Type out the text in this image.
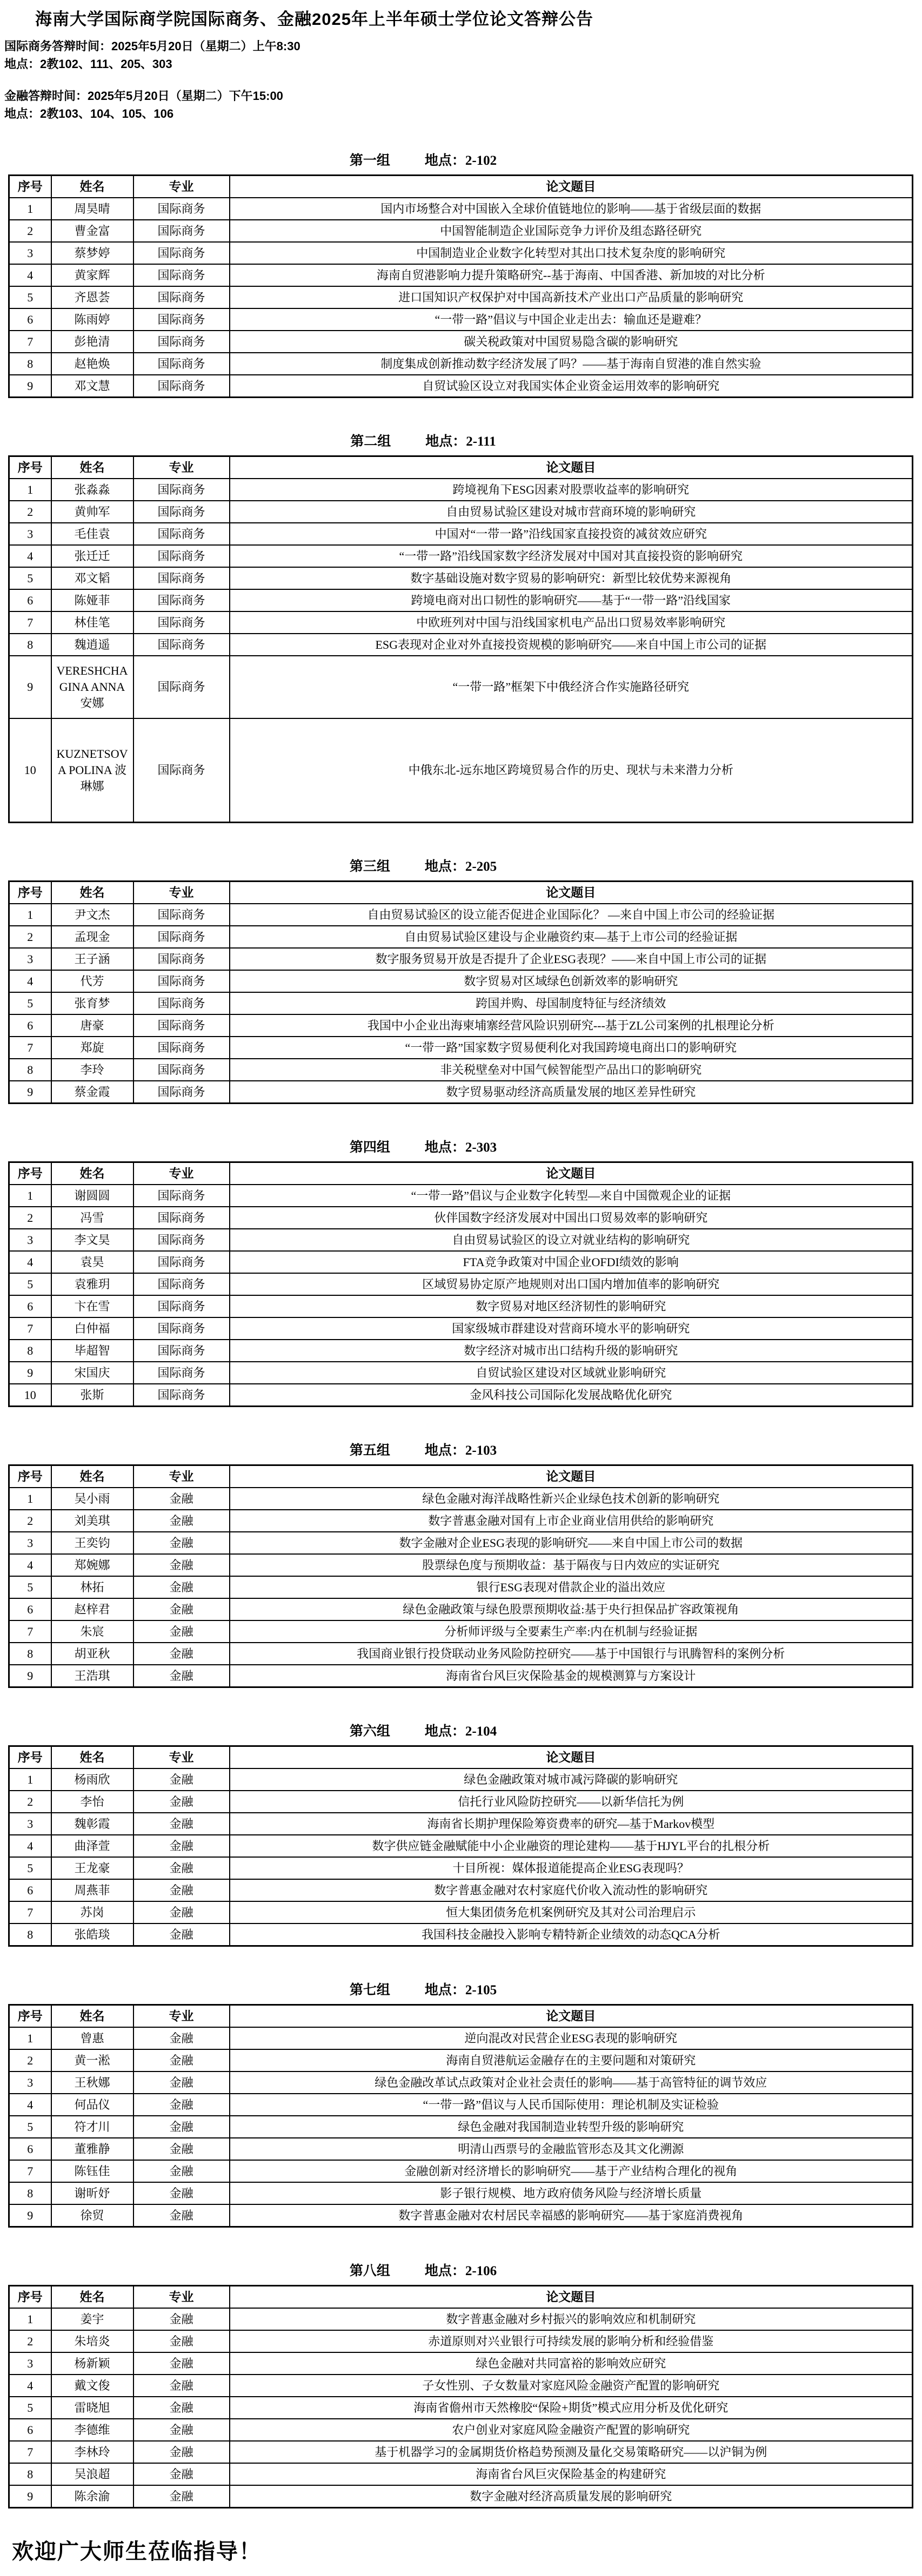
海南大学国际商学院国际商务、金融2025年上半年硕士学位论文答辩公告
国际商务答辩时间：2025年5月20日（星期二）上午8:30
地点：2教102、111、205、303
金融答辩时间：2025年5月20日（星期二）下午15:00
地点：2教103、104、105、106
第一组	地点：2-102
序号	姓名	专业	论文题目
1	周昊晴	国际商务	国内市场整合对中国嵌入全球价值链地位的影响——基于省级层面的数据
2	曹金富	国际商务	中国智能制造企业国际竞争力评价及组态路径研究
3	蔡梦婷	国际商务	中国制造业企业数字化转型对其出口技术复杂度的影响研究
4	黄家辉	国际商务	海南自贸港影响力提升策略研究--基于海南、中国香港、新加坡的对比分析
5	齐恩荟	国际商务	进口国知识产权保护对中国高新技术产业出口产品质量的影响研究
6	陈雨婷	国际商务	“一带一路”倡议与中国企业走出去：输血还是避难？
7	彭艳清	国际商务	碳关税政策对中国贸易隐含碳的影响研究
8	赵艳焕	国际商务	制度集成创新推动数字经济发展了吗？——基于海南自贸港的准自然实验
9	邓文慧	国际商务	自贸试验区设立对我国实体企业资金运用效率的影响研究
第二组	地点：2-111
序号	姓名	专业	论文题目
1	张淼淼	国际商务	跨境视角下ESG因素对股票收益率的影响研究
2	黄帅军	国际商务	自由贸易试验区建设对城市营商环境的影响研究
3	毛佳袁	国际商务	中国对“一带一路”沿线国家直接投资的减贫效应研究
4	张迁迁	国际商务	“一带一路”沿线国家数字经济发展对中国对其直接投资的影响研究
5	邓文韬	国际商务	数字基础设施对数字贸易的影响研究：新型比较优势来源视角
6	陈娅菲	国际商务	跨境电商对出口韧性的影响研究——基于“一带一路”沿线国家
7	林佳笔	国际商务	中欧班列对中国与沿线国家机电产品出口贸易效率影响研究
8	魏逍遥	国际商务	ESG表现对企业对外直接投资规模的影响研究——来自中国上市公司的证据
9	VERESHCHAGINA ANNA 安娜	国际商务	“一带一路”框架下中俄经济合作实施路径研究
10	KUZNETSOVA POLINA 波琳娜	国际商务	中俄东北-远东地区跨境贸易合作的历史、现状与未来潜力分析
第三组	地点：2-205
序号	姓名	专业	论文题目
1	尹文杰	国际商务	自由贸易试验区的设立能否促进企业国际化？ —来自中国上市公司的经验证据
2	孟现金	国际商务	自由贸易试验区建设与企业融资约束—基于上市公司的经验证据
3	王子涵	国际商务	数字服务贸易开放是否提升了企业ESG表现？——来自中国上市公司的证据
4	代芳	国际商务	数字贸易对区域绿色创新效率的影响研究
5	张育梦	国际商务	跨国并购、母国制度特征与经济绩效
6	唐豪	国际商务	我国中小企业出海柬埔寨经营风险识别研究---基于ZL公司案例的扎根理论分析
7	郑旋	国际商务	“一带一路”国家数字贸易便利化对我国跨境电商出口的影响研究
8	李玲	国际商务	非关税壁垒对中国气候智能型产品出口的影响研究
9	蔡金霞	国际商务	数字贸易驱动经济高质量发展的地区差异性研究
第四组	地点：2-303
序号	姓名	专业	论文题目
1	谢圆圆	国际商务	“一带一路”倡议与企业数字化转型—来自中国微观企业的证据
2	冯雪	国际商务	伙伴国数字经济发展对中国出口贸易效率的影响研究
3	李文昊	国际商务	自由贸易试验区的设立对就业结构的影响研究
4	袁昊	国际商务	FTA竞争政策对中国企业OFDI绩效的影响
5	袁雅玥	国际商务	区域贸易协定原产地规则对出口国内增加值率的影响研究
6	卞在雪	国际商务	数字贸易对地区经济韧性的影响研究
7	白仲福	国际商务	国家级城市群建设对营商环境水平的影响研究
8	毕超智	国际商务	数字经济对城市出口结构升级的影响研究
9	宋国庆	国际商务	自贸试验区建设对区域就业影响研究
10	张斯	国际商务	金风科技公司国际化发展战略优化研究
第五组	地点：2-103
序号	姓名	专业	论文题目
1	吴小雨	金融	绿色金融对海洋战略性新兴企业绿色技术创新的影响研究
2	刘美琪	金融	数字普惠金融对国有上市企业商业信用供给的影响研究
3	王奕钧	金融	数字金融对企业ESG表现的影响研究——来自中国上市公司的数据
4	郑婉娜	金融	股票绿色度与预期收益：基于隔夜与日内效应的实证研究
5	林拓	金融	银行ESG表现对借款企业的溢出效应
6	赵梓君	金融	绿色金融政策与绿色股票预期收益:基于央行担保品扩容政策视角
7	朱宸	金融	分析师评级与全要素生产率:内在机制与经验证据
8	胡亚秋	金融	我国商业银行投贷联动业务风险防控研究——基于中国银行与讯腾智科的案例分析
9	王浩琪	金融	海南省台风巨灾保险基金的规模测算与方案设计
第六组	地点：2-104
序号	姓名	专业	论文题目
1	杨雨欣	金融	绿色金融政策对城市减污降碳的影响研究
2	李怡	金融	信托行业风险防控研究——以新华信托为例
3	魏彰霞	金融	海南省长期护理保险筹资费率的研究—基于Markov模型
4	曲泽萱	金融	数字供应链金融赋能中小企业融资的理论建构——基于HJYL平台的扎根分析
5	王龙豪	金融	十目所视：媒体报道能提高企业ESG表现吗？
6	周燕菲	金融	数字普惠金融对农村家庭代价收入流动性的影响研究
7	苏岗	金融	恒大集团债务危机案例研究及其对公司治理启示
8	张皓琰	金融	我国科技金融投入影响专精特新企业绩效的动态QCA分析
第七组	地点：2-105
序号	姓名	专业	论文题目
1	曾惠	金融	逆向混改对民营企业ESG表现的影响研究
2	黄一淞	金融	海南自贸港航运金融存在的主要问题和对策研究
3	王秋娜	金融	绿色金融改革试点政策对企业社会责任的影响——基于高管特征的调节效应
4	何品仪	金融	“一带一路”倡议与人民币国际使用：理论机制及实证检验
5	符才川	金融	绿色金融对我国制造业转型升级的影响研究
6	董雅静	金融	明清山西票号的金融监管形态及其文化溯源
7	陈钰佳	金融	金融创新对经济增长的影响研究——基于产业结构合理化的视角
8	谢昕妤	金融	影子银行规模、地方政府债务风险与经济增长质量
9	徐贸	金融	数字普惠金融对农村居民幸福感的影响研究——基于家庭消费视角
第八组	地点：2-106
序号	姓名	专业	论文题目
1	姜宇	金融	数字普惠金融对乡村振兴的影响效应和机制研究
2	朱培炎	金融	赤道原则对兴业银行可持续发展的影响分析和经验借鉴
3	杨新颖	金融	绿色金融对共同富裕的影响效应研究
4	戴文俊	金融	子女性别、子女数量对家庭风险金融资产配置的影响研究
5	雷晓旭	金融	海南省儋州市天然橡胶“保险+期货”模式应用分析及优化研究
6	李德维	金融	农户创业对家庭风险金融资产配置的影响研究
7	李林玲	金融	基于机器学习的金属期货价格趋势预测及量化交易策略研究——以沪铜为例
8	吴浪超	金融	海南省台风巨灾保险基金的构建研究
9	陈余渝	金融	数字金融对经济高质量发展的影响研究
欢迎广大师生莅临指导！
